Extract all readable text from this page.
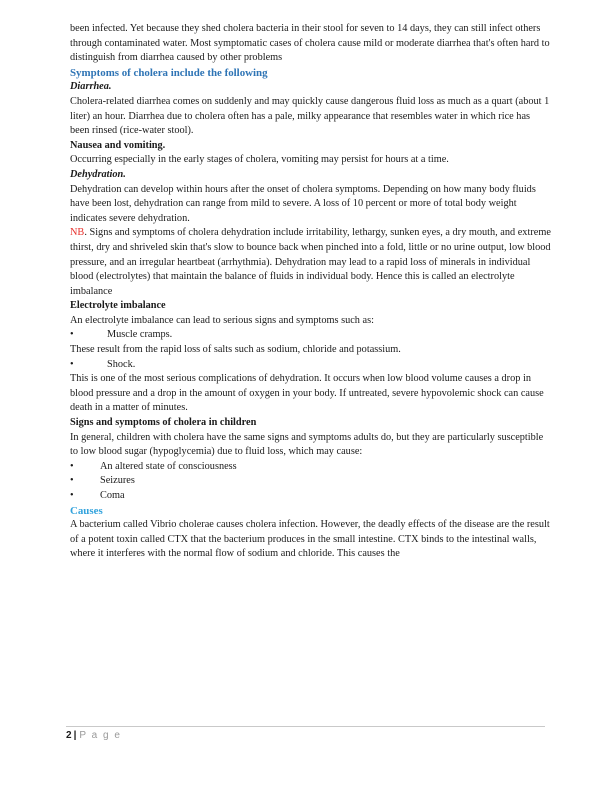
been infected. Yet because they shed cholera bacteria in their stool for seven to 14 days, they can still infect others through contaminated water. Most symptomatic cases of cholera cause mild or moderate diarrhea that's often hard to distinguish from diarrhea caused by other problems

Symptoms of cholera include the following

Diarrhea.

Cholera-related diarrhea comes on suddenly and may quickly cause dangerous fluid loss as much as a quart (about 1 liter) an hour. Diarrhea due to cholera often has a pale, milky appearance that resembles water in which rice has been rinsed (rice-water stool).

Nausea and vomiting.

Occurring especially in the early stages of cholera, vomiting may persist for hours at a time.

Dehydration.

Dehydration can develop within hours after the onset of cholera symptoms. Depending on how many body fluids have been lost, dehydration can range from mild to severe. A loss of 10 percent or more of total body weight indicates severe dehydration.

NB. Signs and symptoms of cholera dehydration include irritability, lethargy, sunken eyes, a dry mouth, and extreme thirst, dry and shriveled skin that's slow to bounce back when pinched into a fold, little or no urine output, low blood pressure, and an irregular heartbeat (arrhythmia). Dehydration may lead to a rapid loss of minerals in individual blood (electrolytes) that maintain the balance of fluids in individual body. Hence this is called an electrolyte imbalance

Electrolyte imbalance

An electrolyte imbalance can lead to serious signs and symptoms such as:

•	Muscle cramps.
These result from the rapid loss of salts such as sodium, chloride and potassium.
•	Shock.

This is one of the most serious complications of dehydration. It occurs when low blood volume causes a drop in blood pressure and a drop in the amount of oxygen in your body. If untreated, severe hypovolemic shock can cause death in a matter of minutes.

Signs and symptoms of cholera in children

In general, children with cholera have the same signs and symptoms adults do, but they are particularly susceptible to low blood sugar (hypoglycemia) due to fluid loss, which may cause:

•	An altered state of consciousness
•	Seizures
•	Coma
Causes

A bacterium called Vibrio cholerae causes cholera infection. However, the deadly effects of the disease are the result of a potent toxin called CTX that the bacterium produces in the small intestine. CTX binds to the intestinal walls, where it interferes with the normal flow of sodium and chloride. This causes the

2 | P a g e
